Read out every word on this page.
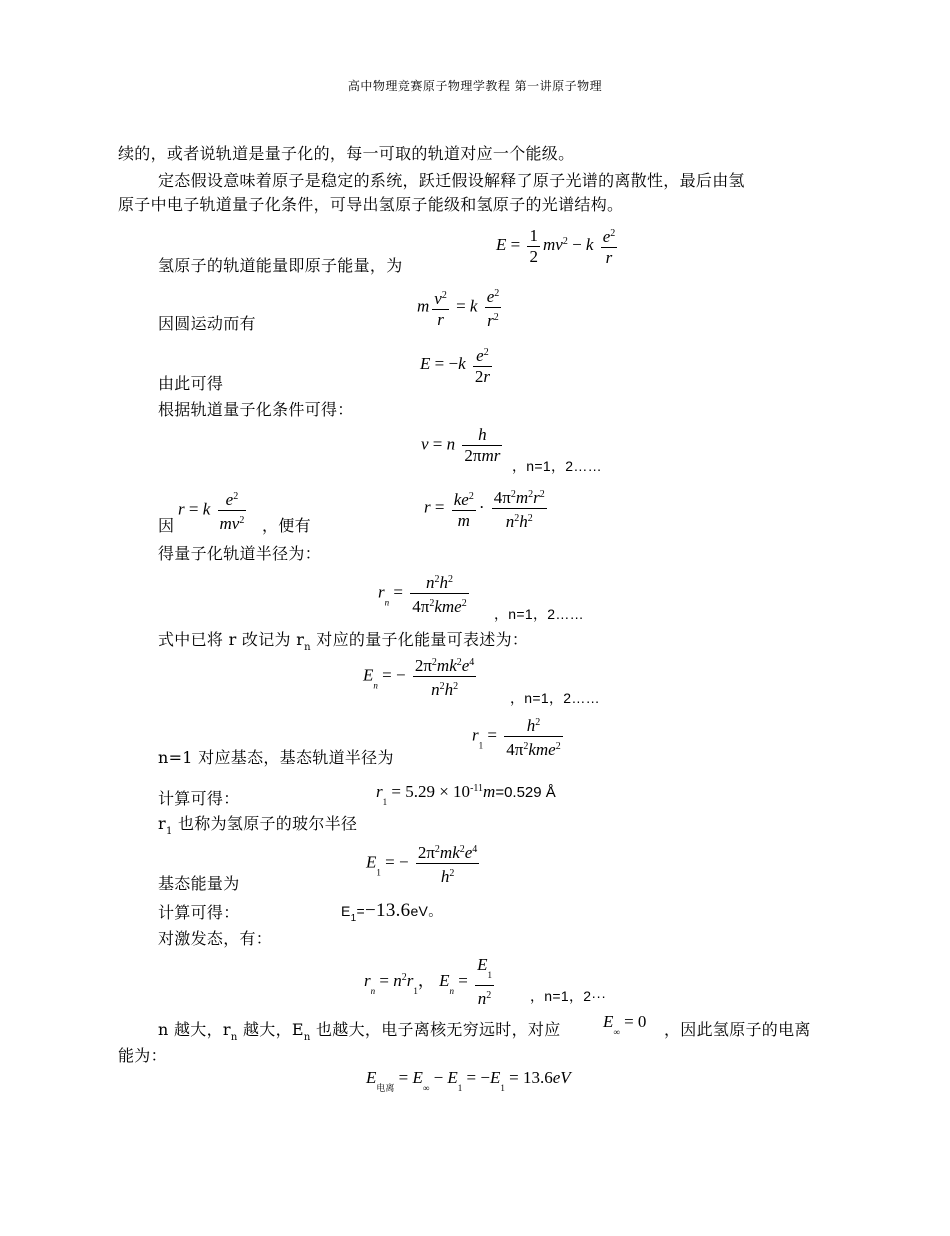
高中物理竞赛原子物理学教程 第一讲原子物理
续的，或者说轨道是量子化的，每一可取的轨道对应一个能级。
定态假设意味着原子是稳定的系统，跃迁假设解释了原子光谱的离散性，最后由氢
原子中电子轨道量子化条件，可导出氢原子能级和氢原子的光谱结构。
$E = \frac{1}{2} mv^2 - k \frac{e^2}{r}$
氢原子的轨道能量即原子能量，为
m $\frac{v^2}{r} = k \frac{e^2}{r^2}$
因圆运动而有
$E = -k \frac{e^2}{2r}$
由此可得
根据轨道量子化条件可得：
v = n $\frac{h}{\text{2πmr}}$ ，n=1，2……
r = k $\frac{e^2}{mv^2}$
因	，便有
$r = \frac{ke^2}{m} \cdot \frac{4\pi^2m^2r^2}{n^2h^2}$
得量子化轨道半径为：
$r_n = \frac{n^2h^2}{4\pi^2kme^2}$ ，n=1，2……
式中已将 r 改记为 $r_n$ 对应的量子化能量可表述为：
$E_n$ = − $\frac{2\pi^2mk^2e^4}{n^2h^2}$ ，n=1，2……
$r_1 = \frac{h^2}{4\pi^2kme^2}$
n=1 对应基态，基态轨道半径为
$r_1 = 5.29 \times 10^{-11}m=0.529$ Å
计算可得：
$r_1$ 也称为氢原子的玻尔半径
$E_1$ = − $\frac{2\pi^2mk^2e^4}{h^2}$
基态能量为
计算可得：	$E_1=-13.6eV$。
对激发态，有：
$r_n = n^2r_1$， $E_n = \frac{E_1}{n^2}$	，n=1，2···
n 越大，$r_n$ 越大，$E_n$ 也越大，电子离核无穷远时，对应 $E_\infty = 0$ ，因此氢原子的电离
能为：
$E_{电离} = E_\infty - E_1 = -E_1 = 13.6eV$
